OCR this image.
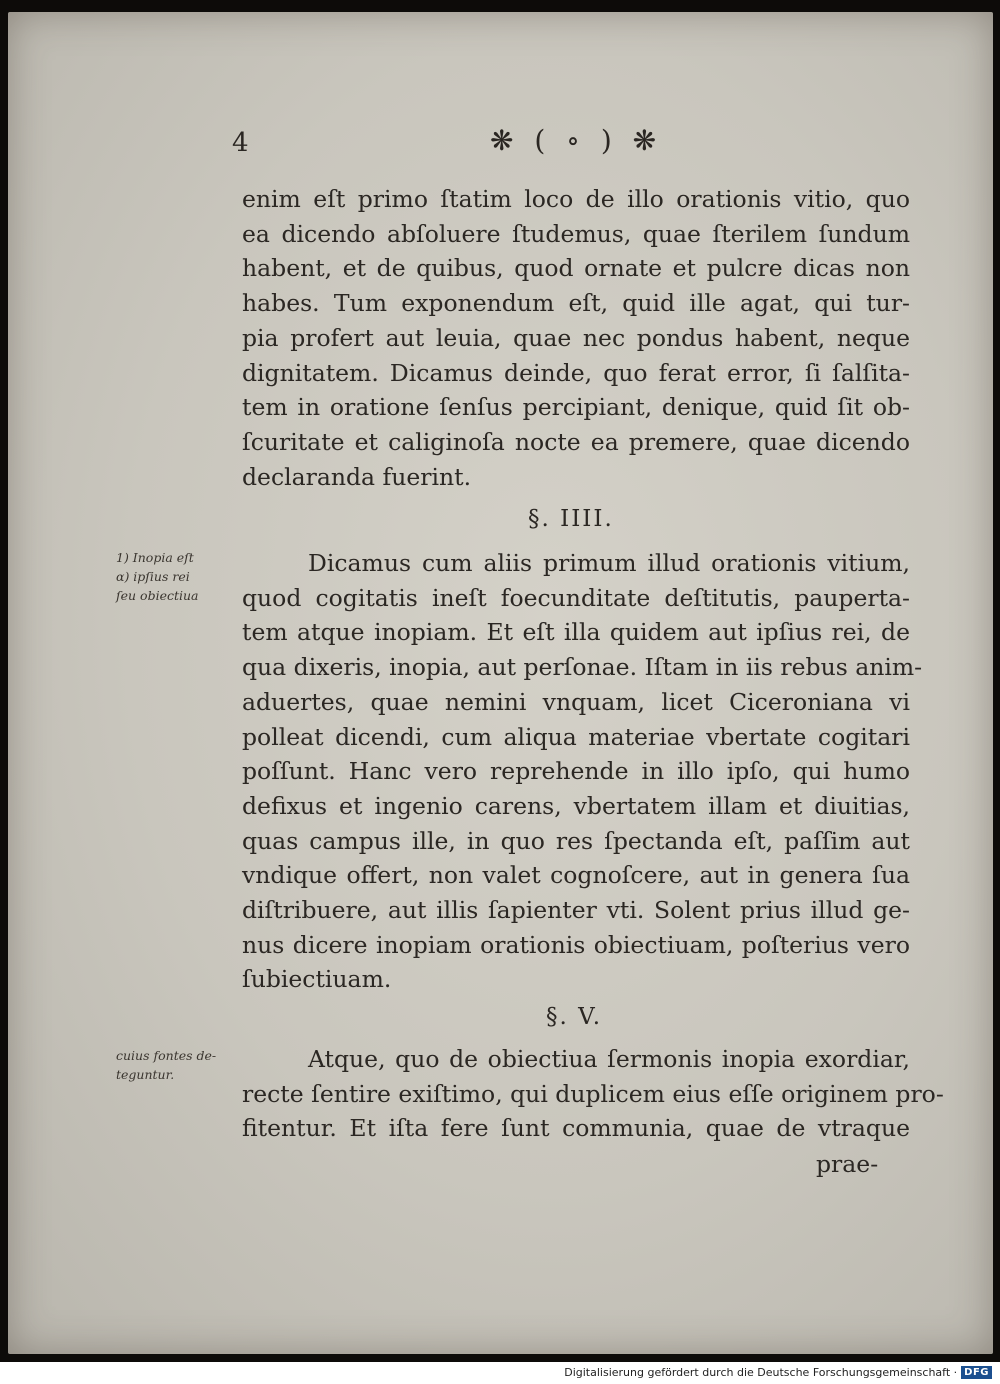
4	❋ ( ∘ ) ❋
enim eſt primo ſtatim loco de illo orationis vitio, quo
ea dicendo abſoluere ſtudemus, quae ſterilem ſundum
habent, et de quibus, quod ornate et pulcre dicas non
habes. Tum exponendum eſt, quid ille agat, qui tur-
pia profert aut leuia, quae nec pondus habent, neque
dignitatem. Dicamus deinde, quo ferat error, ſi ſalſita-
tem in oratione ſenſus percipiant, denique, quid ſit ob-
ſcuritate et caliginoſa nocte ea premere, quae dicendo
declaranda fuerint.
§. IIII.
1) Inopia eſt
α) ipſius rei
ſeu obiectiua
Dicamus cum aliis primum illud orationis vitium,
quod cogitatis ineſt foecunditate deſtitutis, pauperta-
tem atque inopiam. Et eſt illa quidem aut ipſius rei, de
qua dixeris, inopia, aut perſonae. Iſtam in iis rebus anim-
aduertes, quae nemini vnquam, licet Ciceroniana vi
polleat dicendi, cum aliqua materiae vbertate cogitari
poſſunt. Hanc vero reprehende in illo ipſo, qui humo
defixus et ingenio carens, vbertatem illam et diuitias,
quas campus ille, in quo res ſpectanda eſt, paſſim aut
vndique offert, non valet cognoſcere, aut in genera ſua
diſtribuere, aut illis ſapienter vti. Solent prius illud ge-
nus dicere inopiam orationis obiectiuam, poſterius vero
ſubiectiuam.
§. V.
cuius fontes de-
teguntur.
Atque, quo de obiectiua ſermonis inopia exordiar,
recte ſentire exiſtimo, qui duplicem eius eſſe originem pro-
fitentur. Et iſta fere ſunt communia, quae de vtraque
prae-
Digitalisierung gefördert durch die Deutsche Forschungsgemeinschaft · DFG
